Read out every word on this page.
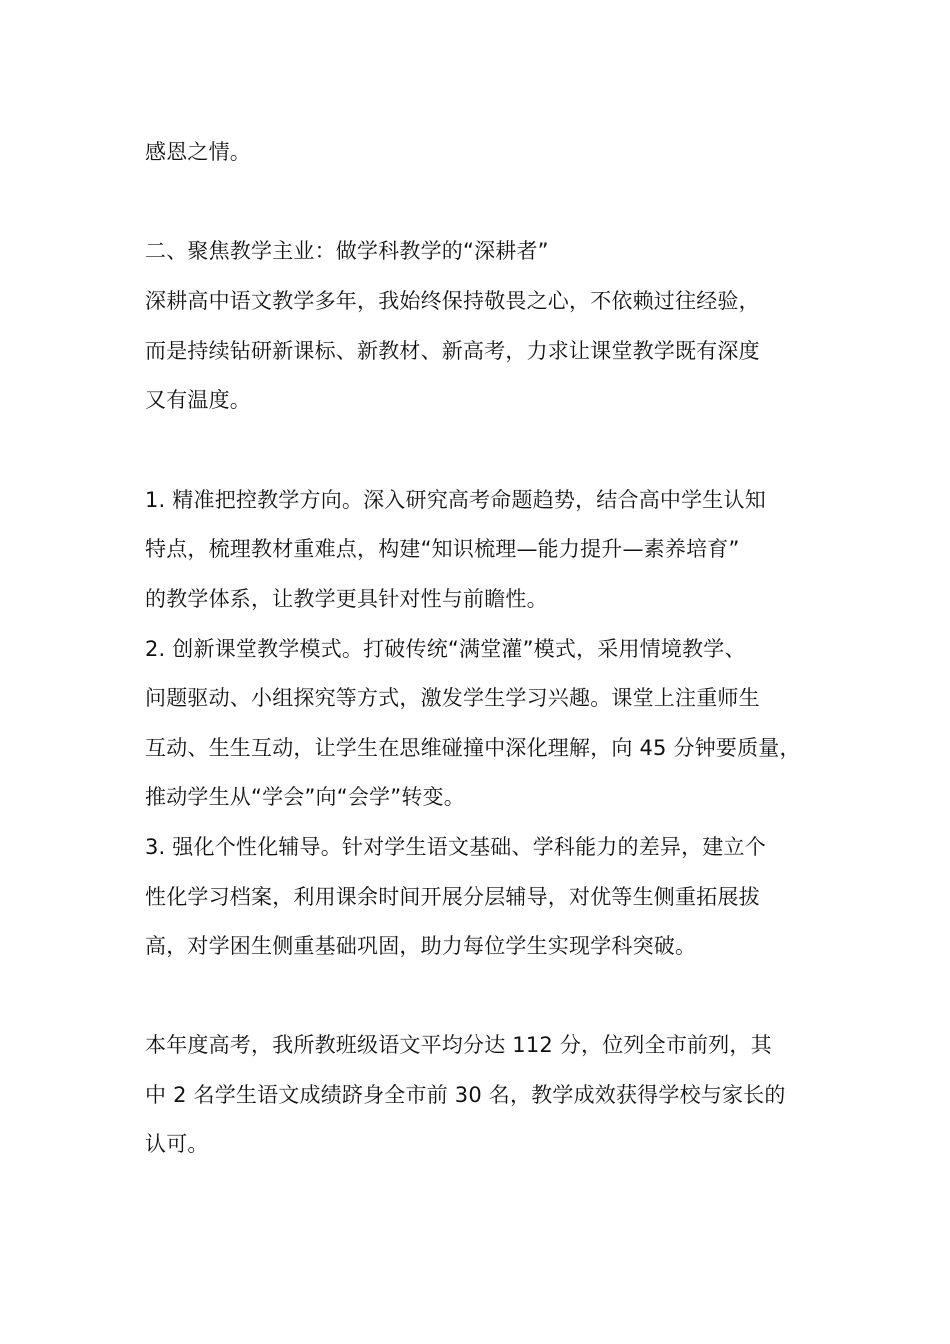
感恩之情。
二、聚焦教学主业：做学科教学的“深耕者”
深耕高中语文教学多年，我始终保持敬畏之心，不依赖过往经验，
而是持续钻研新课标、新教材、新高考，力求让课堂教学既有深度
又有温度。
1. 精准把控教学方向。深入研究高考命题趋势，结合高中学生认知
特点，梳理教材重难点，构建“知识梳理—能力提升—素养培育”
的教学体系，让教学更具针对性与前瞻性。
2. 创新课堂教学模式。打破传统“满堂灌”模式，采用情境教学、
问题驱动、小组探究等方式，激发学生学习兴趣。课堂上注重师生
互动、生生互动，让学生在思维碰撞中深化理解，向 45 分钟要质量，
推动学生从“学会”向“会学”转变。
3. 强化个性化辅导。针对学生语文基础、学科能力的差异，建立个
性化学习档案，利用课余时间开展分层辅导，对优等生侧重拓展拔
高，对学困生侧重基础巩固，助力每位学生实现学科突破。
本年度高考，我所教班级语文平均分达 112 分，位列全市前列，其
中 2 名学生语文成绩跻身全市前 30 名，教学成效获得学校与家长的
认可。
